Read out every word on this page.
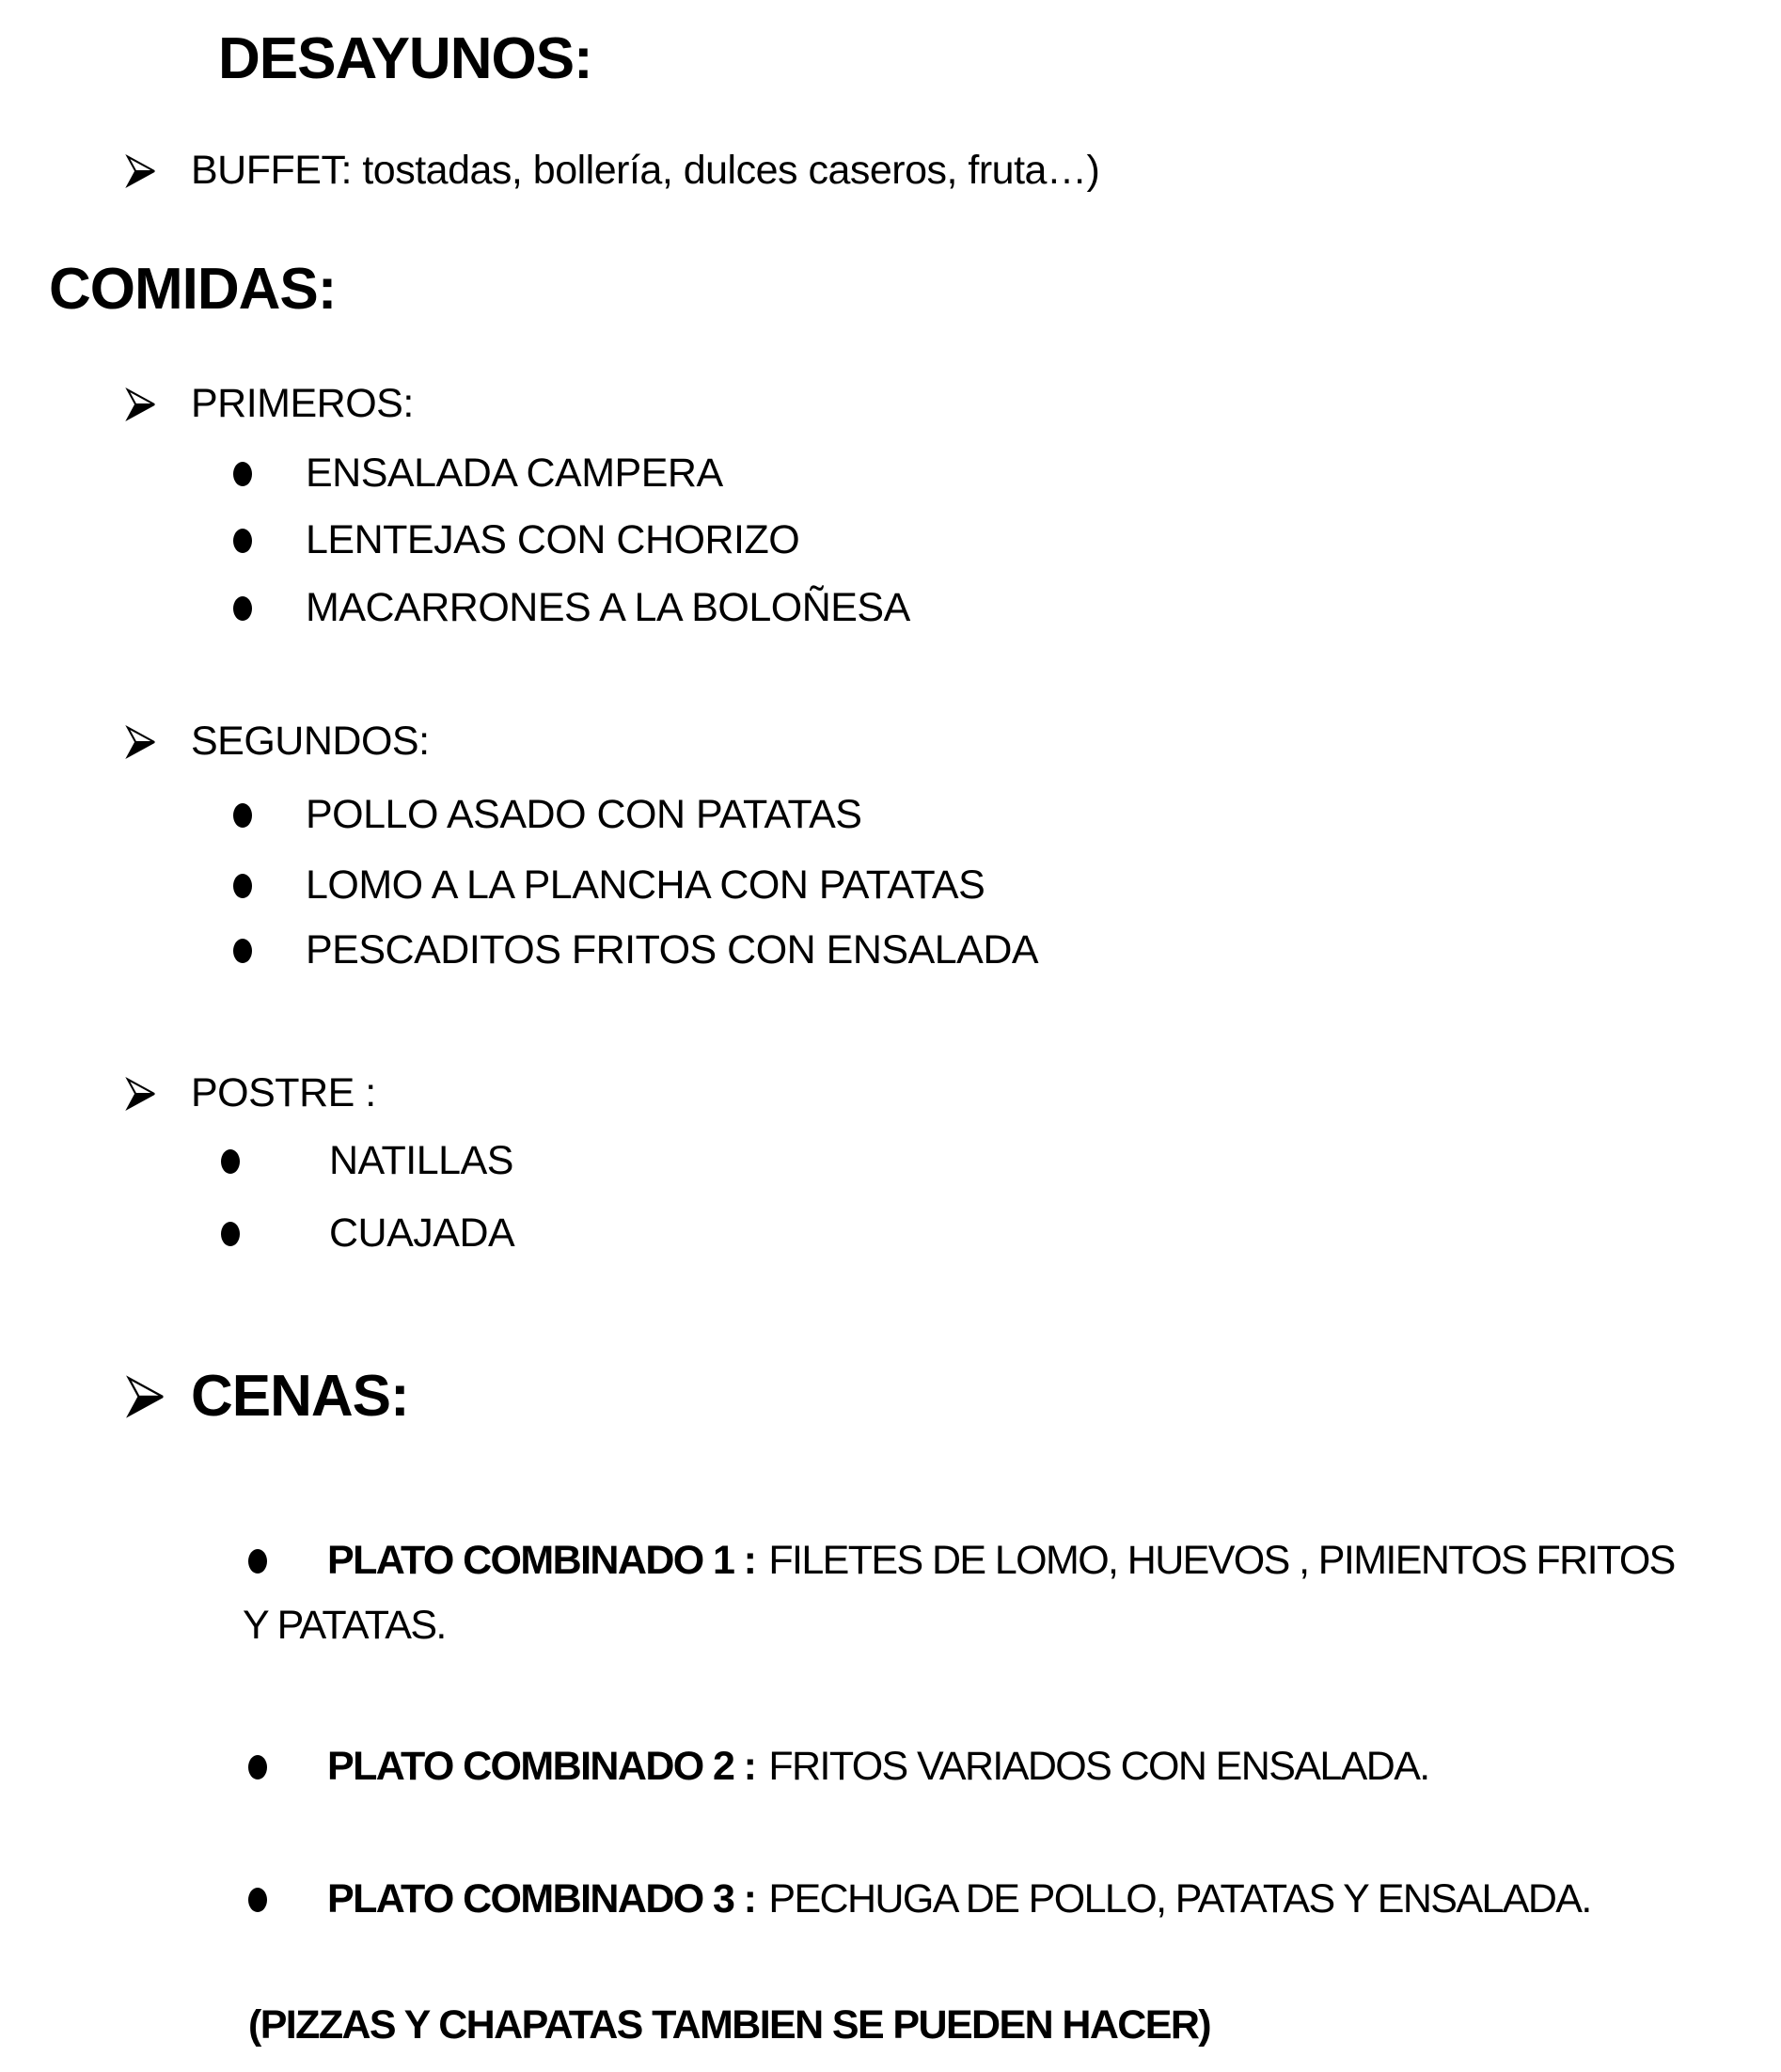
DESAYUNOS:
BUFFET: tostadas, bollería, dulces caseros, fruta…)
COMIDAS:
PRIMEROS:
ENSALADA CAMPERA
LENTEJAS CON CHORIZO
MACARRONES A LA BOLOÑESA
SEGUNDOS:
POLLO ASADO CON PATATAS
LOMO A LA PLANCHA CON PATATAS
PESCADITOS FRITOS CON ENSALADA
POSTRE :
NATILLAS
CUAJADA
CENAS:
PLATO COMBINADO 1 : FILETES DE LOMO, HUEVOS , PIMIENTOS FRITOS
Y PATATAS.
PLATO COMBINADO 2 : FRITOS VARIADOS CON ENSALADA.
PLATO COMBINADO 3 : PECHUGA DE POLLO, PATATAS Y ENSALADA.
(PIZZAS Y CHAPATAS TAMBIEN SE PUEDEN HACER)
